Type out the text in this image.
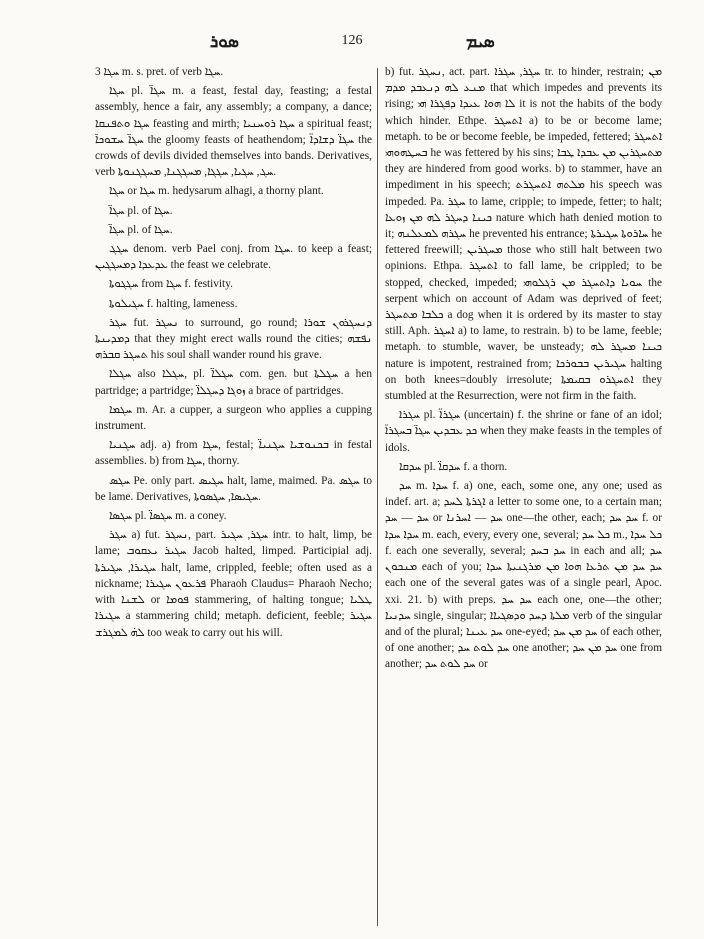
ܣܘܪ	126	ܣܝܡ

ܚܓܐ 3 m. s. pret. of verb ܚܓܐ.

ܚܓܐ pl. ܚܓܐ̈ m. a feast, festal day, feasting; a festal assembly, hence a fair, any assembly; a company, a dance; ܚܓܐ ܘܬܦܢܩܐ feasting and mirth; ܚܓܐ ܪܘܚܢܝܐ a spiritual feast; ܚܓܐ̈ ܚܫܘܟܐ̈ the gloomy feasts of heathendom; ܚܓܐ̈ ܕܫܐܕܐ̈ the crowds of devils divided themselves into bands. Derivatives, verb ܚܓ, ܚܓܝܐ, ܚܓܓܐ, ܡܚܓܓܢܐ, ܡܚܓܓܢܘܬܐ.

ܚܓܐ or ܚܓܐ m. hedysarum alhagi, a thorny plant.

ܚܓܐ̈ pl. of ܚܓܐ.

ܚܓܐ̈ pl. of ܚܓܐ.

ܚܓܓ denom. verb Pael conj. from ܚܓܐ. to keep a feast; ܥܕܥܕܐ ܕܡܚܓܓܝܢ the feast we celebrate.

ܚܓܓܘܬܐ from ܚܓܐ f. festivity.

ܚܓܝܠܘܬܐ f. halting, lameness.

ܚܓܪ fut. ܢܚܓܪ to surround, go round; ܕܢܚܓܪܘܢ ܫܘܪܐ ܕܡܕܝܢܬܐ that they might erect walls round the cities; ܢܦܫܗ ܬܚܓܪ ܩܒܪܗ his soul shall wander round his grave.

ܚܓܠܐ also ܚܓܠܐ, pl. ܚܓܠܐ̈ com. gen. but ܚܓܠܬܐ a hen partridge; a partridge; ܙܘܓܐ ܕܚܓܠܐ̈ a brace of partridges.

ܚܓܡܐ m. Ar. a cupper, a surgeon who applies a cupping instrument.

ܚܓܢܝܐ adj. a) from ܚܓܐ, festal; ܒܟܢܘܫܝܐ ܚܓܢܝܐ̈ in festal assemblies. b) from ܚܓܐ, thorny.

ܚܓܣ Pe. only part. ܚܓܝܣ halt, lame, maimed. Pa. ܚܓܣ to be lame. Derivatives, ܚܓܝܣܐ, ܚܓܣܘܬܐ.

ܚܓܣܐ pl. ܚܓܣܐ̈ m. a coney.

ܚܓܪ a) fut. ܢܚܓܪ, part. ܚܓܪ, ܚܓܝܪ intr. to halt, limp, be lame; ܚܓܝܪ ܝܥܩܘܒ Jacob halted, limped. Participial adj. ܚܓܝܪܐ, ܚܓܝܪܬܐ halt, lame, crippled, feeble; often used as a nickname; ܦܪܥܘܢ ܚܓܝܪܐ Pharaoh Claudus= Pharaoh Necho; with ܠܫܢܐ or ܦܘܡܐ stammering, of halting tongue; ܛܠܝܐ ܚܓܝܪܐ a stammering child; metaph. deficient, feeble; ܚܓܝܪ ܠܗ̇ ܠܡܓܪܫ too weak to carry out his will.

b) fut. ܢܚܓܪ, act. part. ܚܓܪ, ܚܓܪܐ tr. to hinder, restrain; ܡܢ ܡܢܥ ܠܗ ܕܢܥܒܕ ܡܕܡ that which impedes and prevents its rising; ܠܐ ܗܘܐ ܥܝܕܐ ܕܦܓܪܐ ܗܝ it is not the habits of the body which hinder. Ethpe. ܐܬܚܓܪ a) to be or become lame; metaph. to be or become feeble, be impeded, fettered; ܐܬܚܓܪ ܒܚܛܗܘܗܝ he was fettered by his sins; ܡܬܚܓܪܝܢ ܡܢ ܥܒܕܐ ܛܒܐ they are hindered from good works. b) to stammer, have an impediment in his speech; ܡܠܬܗ ܐܬܚܓܪܬ his speech was impeded. Pa. ܚܓܪ to lame, cripple; to impede, fetter; to halt; ܟܝܢܐ ܕܚܓܪ ܠܗ ܡܢ ܙܘܥܐ nature which hath denied motion to it; ܚܓܪܗ ܠܡܥܠܢܗ he prevented his entrance; ܚܐܪܘܬܐ ܚܓܝܪܬܐ he fettered freewill; ܡܚܓܪܝܢ those who still halt between two opinions. Ethpa. ܐܬܚܓܪ to fall lame, be crippled; to be stopped, checked, impeded; ܚܘܝܐ ܕܐܬܚܓܪ ܡܢ ܪܓܠܘܗܝ the serpent which on account of Adam was deprived of feet; ܟܠܒܐ ܡܬܚܓܪ a dog when it is ordered by its master to stay still. Aph. ܐܚܓܪ a) to lame, to restrain. b) to be lame, feeble; metaph. to stumble, waver, be unsteady; ܟܝܢܐ ܡܚܓܪ ܠܗ nature is impotent, restrained from; ܚܓܝܪܝܢ ܒܒܘܪܟܐ halting on both knees=doubly irresolute; ܐܬܚܓܪܘ ܒܩܝܡܬܐ they stumbled at the Resurrection, were not firm in the faith.

ܚܓܪܐ pl. ܚܓܪܐ̈ (uncertain) f. the shrine or fane of an idol; ܟܕ ܥܒܕܝܢ ܚܓܐ̈ ܒܚܓܪܐ̈ when they make feasts in the temples of idols.

ܚܕܩܐ pl. ܚܕܩܐ̈ f. a thorn.

ܚܕ m. ܚܕܐ f. a) one, each, some one, any one; used as indef. art. a; ܐܓܪܬܐ ܠܚܕ a letter to some one, to a certain man; ܚܕ — ܚܕ or ܚܕ — ܐܚܪܢܐ one—the other, each; ܚܕ ܚܕ f. or ܚܕܐ ܚܕܐ m. each, every, every one, several; ܟܠ ܚܕ m., ܟܠ ܚܕܐ f. each one severally, several; ܚܕ ܒܚܕ in each and all; ܚܕ ܡܢܟܘܢ each of you; ܚܕ ܚܕ ܡܢ ܬܪܥܐ ܗܘܐ ܡܢ ܡܪܓܢܝܬܐ ܚܕܐ each one of the several gates was of a single pearl, Apoc. xxi. 21. b) with preps. ܚܕ ܚܕ each one, one—the other; ܚܕܢܝܐ single, singular; ܡܠܬܐ ܕܚܕ ܘܕܣܓܝܐܐ verb of the singular and of the plural; ܚܕ ܥܝܢܐ one-eyed; ܚܕ ܡܢ ܚܕ of each other, of one another; ܚܕ ܠܘܬ ܚܕ one another; ܚܕ ܡܢ ܚܕ one from another; ܚܕ ܠܘܬ ܚܕ or
